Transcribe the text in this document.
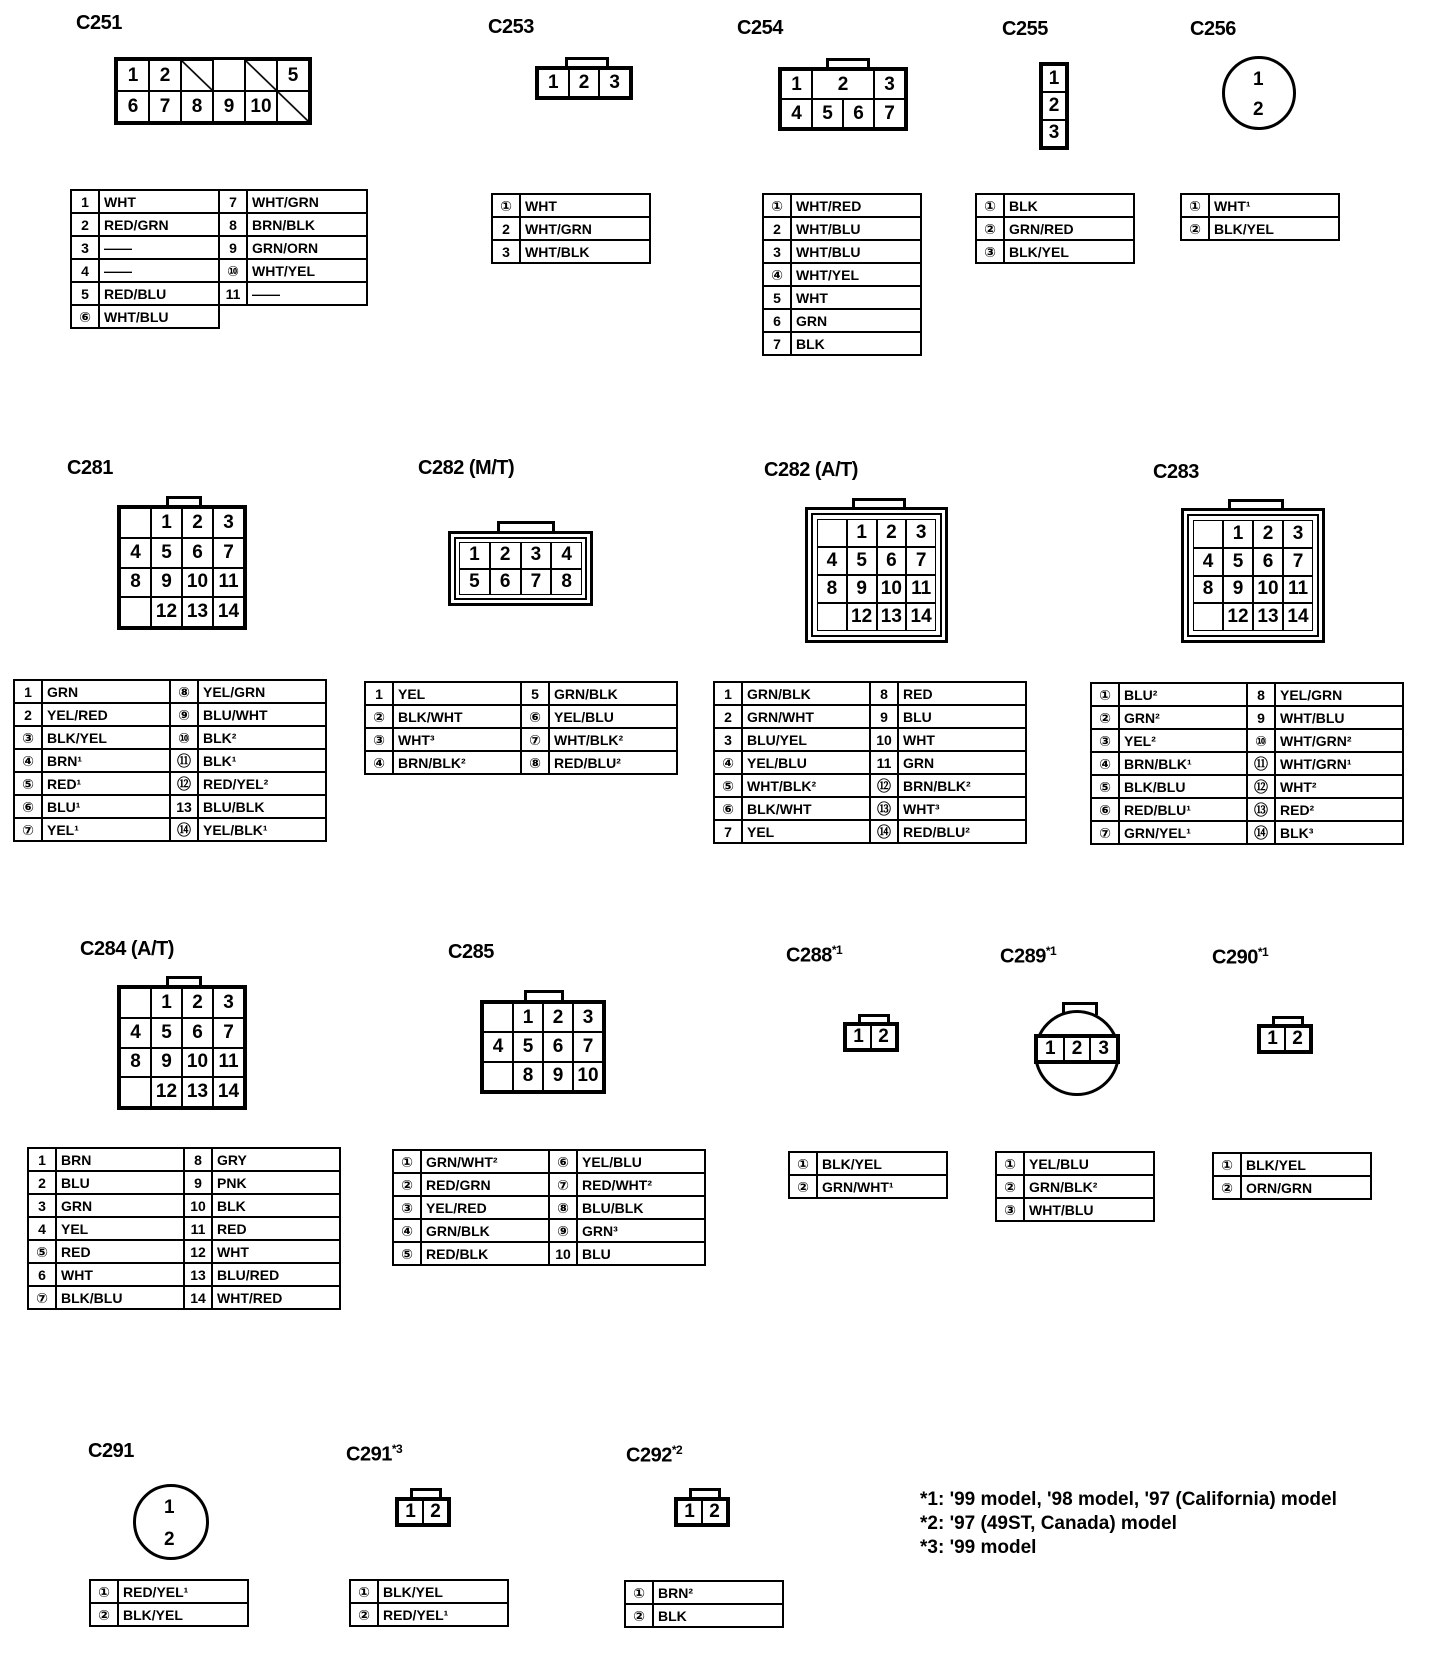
C251	C253	C254	C255	C256
C281	C282 (M/T)	C282 (A/T)	C283
C284 (A/T)	C285	C288$^{*1}$	C289$^{*1}$	C290$^{*1}$
C291	C291$^{*3}$	C292$^{*2}$
1	2	5
6	7	8	9 10
1	2	3	1	2	3
4	5	6	7
1
2
3
1
2
1	WHT	7	WHT/GRN
2	RED/GRN	8	BRN/BLK
3	——	9	GRN/ORN
4	——	⑩	WHT/YEL
5	RED/BLU	11	——
⑥	WHT/BLU		
①	WHT
2	WHT/GRN
3	WHT/BLK
①	WHT/RED
2	WHT/BLU
3	WHT/BLU
④	WHT/YEL
5	WHT
6	GRN
7	BLK
①	BLK
②	GRN/RED
③	BLK/YEL
①	WHT¹
②	BLK/YEL
1	2	3
4	5	6	7
8	9 10 11
12 13 14
1	2	3	4
5	6	7	8
1	2	3
4	5	6	7
8	9 10 11
12 13 14
1	2	3
4	5	6	7
8	9 10 11
12 13 14
1	GRN	⑧	YEL/GRN
2	YEL/RED	⑨	BLU/WHT
③	BLK/YEL	⑩	BLK²
④	BRN¹	⑪	BLK¹
⑤	RED¹	⑫	RED/YEL²
⑥	BLU¹	13	BLU/BLK
⑦	YEL¹	⑭	YEL/BLK¹
1	YEL	5	GRN/BLK
②	BLK/WHT	⑥	YEL/BLU
③	WHT³	⑦	WHT/BLK²
④	BRN/BLK²	⑧	RED/BLU²
1	GRN/BLK	8	RED
2	GRN/WHT	9	BLU
3	BLU/YEL	10	WHT
④	YEL/BLU	11	GRN
⑤	WHT/BLK²	⑫	BRN/BLK²
⑥	BLK/WHT	⑬	WHT³
7	YEL	⑭	RED/BLU²
①	BLU²	8	YEL/GRN
②	GRN²	9	WHT/BLU
③	YEL²	⑩	WHT/GRN²
④	BRN/BLK¹	⑪	WHT/GRN¹
⑤	BLK/BLU	⑫	WHT²
⑥	RED/BLU¹	⑬	RED²
⑦	GRN/YEL¹	⑭	BLK³
1	2	3
4	5	6	7
8	9 10 11
12 13 14
1	2	3
4	5	6	7
8	9 10
1 2
1 2 3	1 2
1	BRN	8	GRY
2	BLU	9	PNK
3	GRN	10	BLK
4	YEL	11	RED
⑤	RED	12	WHT
6	WHT	13	BLU/RED
⑦	BLK/BLU	14	WHT/RED
①	GRN/WHT²	⑥	YEL/BLU
②	RED/GRN	⑦	RED/WHT²
③	YEL/RED	⑧	BLU/BLK
④	GRN/BLK	⑨	GRN³
⑤	RED/BLK	10	BLU
①	BLK/YEL
②	GRN/WHT¹
①	YEL/BLU
②	GRN/BLK²
③	WHT/BLU
①	BLK/YEL
②	ORN/GRN
1
2
1 2	1 2
①	RED/YEL¹
②	BLK/YEL
①	BLK/YEL
②	RED/YEL¹
①	BRN²
②	BLK
*1: '99 model, '98 model, '97 (California) model
*2: '97 (49ST, Canada) model
*3: '99 model
